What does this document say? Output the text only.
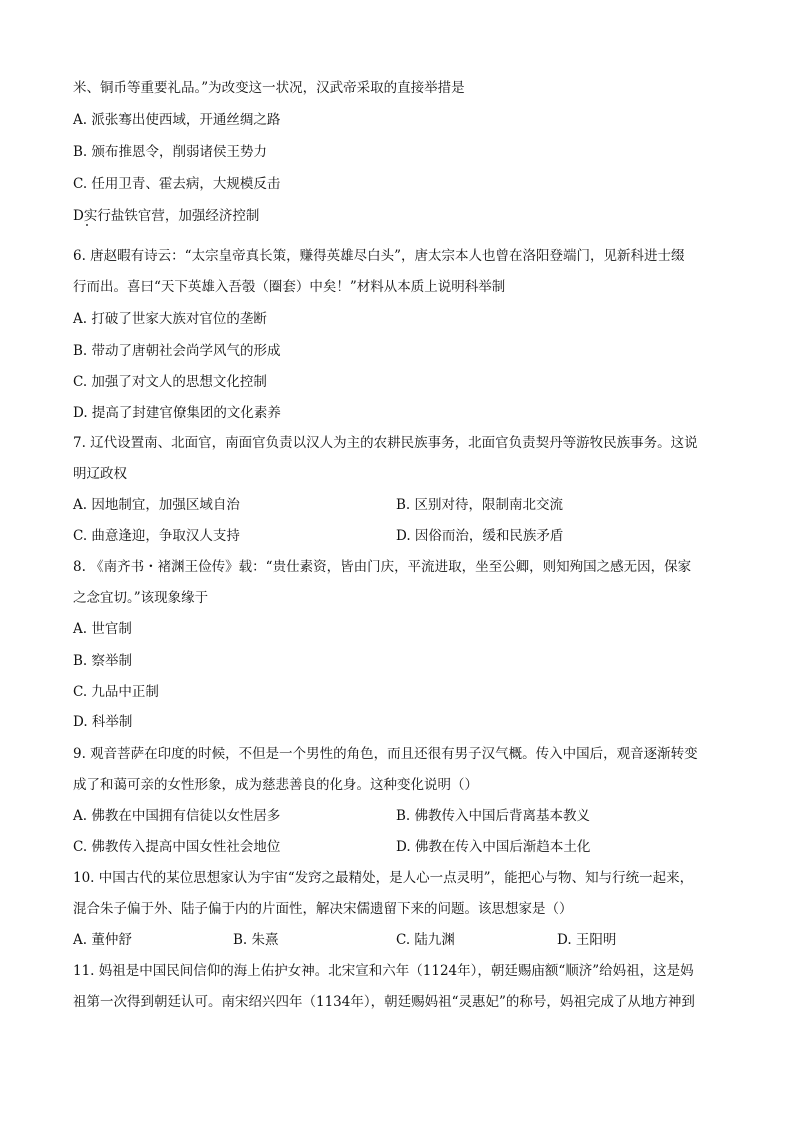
米、铜币等重要礼品。”为改变这一状况，汉武帝采取的直接举措是
A. 派张骞出使西域，开通丝绸之路
B. 颁布推恩令，削弱诸侯王势力
C. 任用卫青、霍去病，大规模反击
D实行盐铁官营，加强经济控制
6. 唐赵暇有诗云：“太宗皇帝真长策，赚得英雄尽白头”，唐太宗本人也曾在洛阳登端门，见新科进士缀
行而出。喜曰“天下英雄入吾彀（圈套）中矣！”材料从本质上说明科举制
A. 打破了世家大族对官位的垄断
B. 带动了唐朝社会尚学风气的形成
C. 加强了对文人的思想文化控制
D. 提高了封建官僚集团的文化素养
7. 辽代设置南、北面官，南面官负责以汉人为主的农耕民族事务，北面官负责契丹等游牧民族事务。这说
明辽政权
A. 因地制宜，加强区域自治	B. 区别对待，限制南北交流
C. 曲意逢迎，争取汉人支持	D. 因俗而治，缓和民族矛盾
8. 《南齐书・褚渊王俭传》载：“贵仕素资，皆由门庆，平流进取，坐至公卿，则知殉国之感无因，保家
之念宜切。”该现象缘于
A. 世官制
B. 察举制
C. 九品中正制
D. 科举制
9. 观音菩萨在印度的时候，不但是一个男性的角色，而且还很有男子汉气概。传入中国后，观音逐渐转变
成了和蔼可亲的女性形象，成为慈悲善良的化身。这种变化说明（）
A. 佛教在中国拥有信徒以女性居多	B. 佛教传入中国后背离基本教义
C. 佛教传入提高中国女性社会地位	D. 佛教在传入中国后渐趋本土化
10. 中国古代的某位思想家认为宇宙“发窍之最精处，是人心一点灵明”，能把心与物、知与行统一起来，
混合朱子偏于外、陆子偏于内的片面性，解决宋儒遗留下来的问题。该思想家是（）
A. 董仲舒	B. 朱熹	C. 陆九渊	D. 王阳明
11. 妈祖是中国民间信仰的海上佑护女神。北宋宣和六年（1124年），朝廷赐庙额“顺济”给妈祖，这是妈
祖第一次得到朝廷认可。南宋绍兴四年（1134年），朝廷赐妈祖“灵惠妃”的称号，妈祖完成了从地方神到
